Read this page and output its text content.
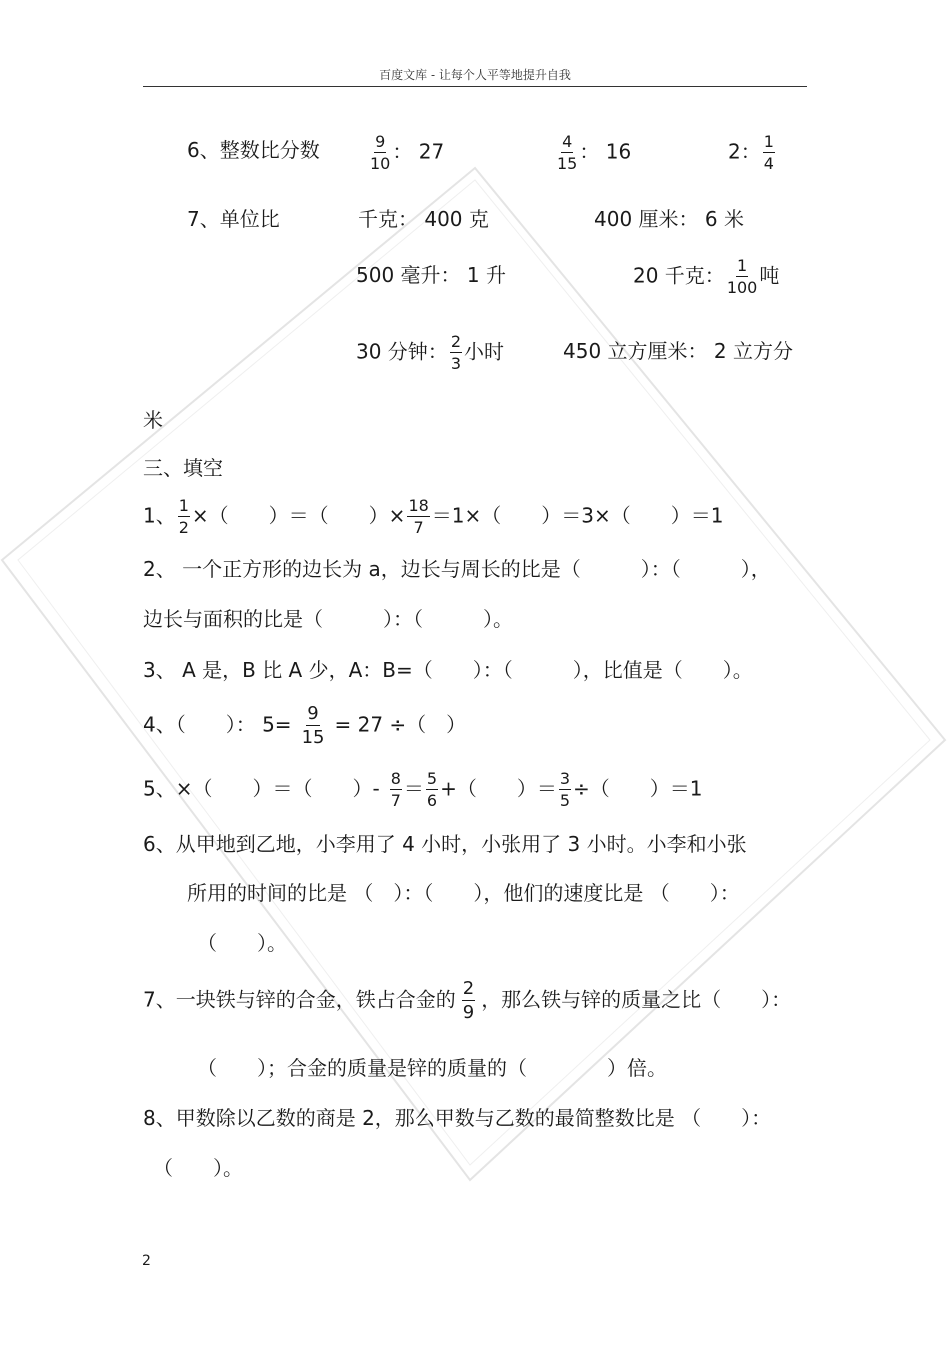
百度文库 - 让每个人平等地提升自我
6、整数比分数	$\frac{9}{10}$ ： 27	$\frac{4}{15}$ ： 16	2： $\frac{1}{4}$
7、单位比	千克： 400 克	400 厘米： 6 米
500 毫升： 1 升	20 千克： $\frac{1}{100}$ 吨
30 分钟： $\frac{2}{3}$ 小时	450 立方厘米： 2 立方分
米
三、填空
1、 $\frac{1}{2}$ ×（　　）＝（　　）× $\frac{18}{7} =1\times$（　　）＝3×（　　）＝1
2、 一个正方形的边长为 a，边长与周长的比是（　　　）：（　　　），
边长与面积的比是（　　　）：（　　　）。
3、 A 是，B 比 A 少，A：B=（　　）：（　　　），比值是（　　）。
4、（　　）： $5= \frac{9}{15} = 27$ ÷（　）
5、×（　　）＝（　　）- $\frac{8}{7} = \frac{5}{6}$ +（　　）＝ $\frac{3}{5}$ ÷（　　）＝1
6、从甲地到乙地，小李用了 4 小时，小张用了 3 小时。小李和小张
所用的时间的比是 （　）：（　　），他们的速度比是 （　　）：
（　　）。
7、一块铁与锌的合金，铁占合金的 $\frac{2}{9}$ ，那么铁与锌的质量之比（　　）：
（　　）；合金的质量是锌的质量的（　　　　）倍。
8、甲数除以乙数的商是 2，那么甲数与乙数的最简整数比是 （　　）：
（　　）。
2
